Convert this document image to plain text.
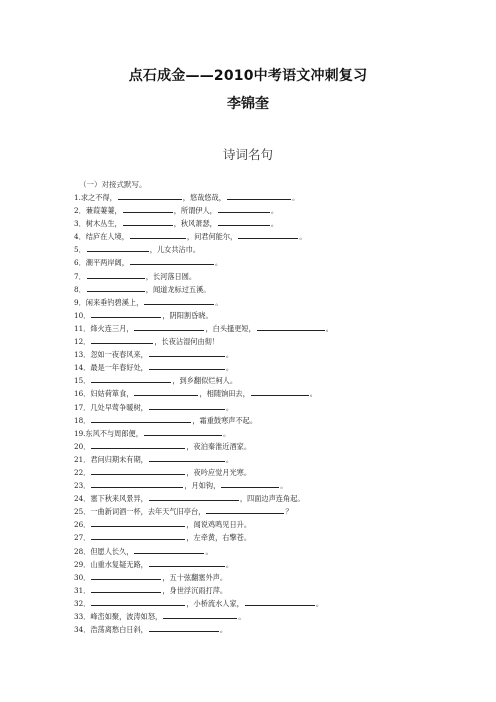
点石成金——2010中考语文冲刺复习
李锦奎
诗词名句
（一）对接式默写。
1.求之不得，	，悠哉悠哉，	。
2．蒹葭萋萋，	，所谓伊人，	。
3．树木丛生，	，秋风萧瑟，	。
4．结庐在人境，	，问君何能尔，	。
5．	，儿女共沾巾。
6．潮平两岸阔，	。
7．	，长河落日圆。
8．	，闻道龙标过五溪。
9．闲来垂钓碧溪上，	。
10．	，阴阳割昏晓。
11．烽火连三月，	，白头搔更短，	。
12．	，长夜沾湿何由彻！
13．忽如一夜春风来，	。
14．最是一年春好处，	。
15．	，到乡翻似烂柯人。
16．妇姑荷箪食，	，相随饷田去，	。
17．几处早莺争暖树，	。
18．	，霜重鼓寒声不起。
19.东风不与周郎便，	。
20．	，夜泊秦淮近酒家。
21．君问归期未有期，	。
22．	，夜吟应觉月光寒。
23．	，月如钩，	。
24．塞下秋来风景异，	，四面边声连角起。
25．一曲新词酒一杯，去年天气旧亭台，	？
26．	，闻说鸡鸣见日升。
27．	，左牵黄，右擎苍。
28．但愿人长久，	。
29．山重水复疑无路，	。
30．	，五十弦翻塞外声。
31．	，身世浮沉雨打萍。
32．	，小桥流水人家，	。
33．峰峦如聚，波涛如怒，	。
34．浩荡离愁白日斜，	。
